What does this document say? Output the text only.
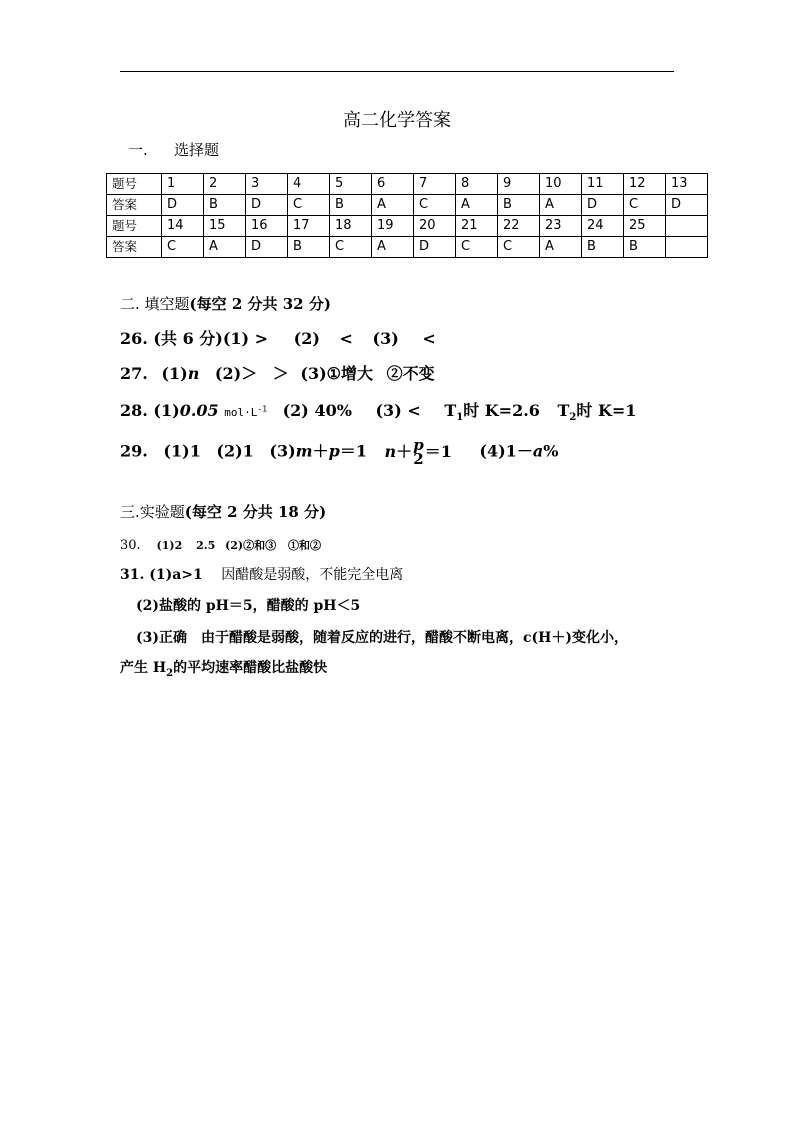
高二化学答案
一. 选择题
题号	1	2	3	4	5	6	7	8	9	10	11	12	13
答案	D	B	D	C	B	A	C	A	B	A	D	C	D
题号	14	15	16	17	18	19	20	21	22	23	24	25	
答案	C	A	D	B	C	A	D	C	C	A	B	B	
二. 填空题(每空 2 分共 32 分)
26. (共 6 分)(1) > (2) < (3) <
27. (1)n (2)＞ ＞ (3)①增大 ②不变
28. (1)0.05 $mol\cdot L^{-1}$ (2) 40% $(3) < T_1$时 K=2.6 $T_2$时 K=1
29. (1)1 (2)1 (3)m＋p＝1 n＋ p
2 ＝1 (4)1－a%
三.实验题(每空 2 分共 18 分)
30. (1)2 2.5 (2)②和③ ①和②
31. (1)a>1 因醋酸是弱酸，不能完全电离
(2)盐酸的 pH＝5，醋酸的 pH＜5
(3)正确　由于醋酸是弱酸，随着反应的进行，醋酸不断电离，c(H＋)变化小，
产生 $H_2$的平均速率醋酸比盐酸快
